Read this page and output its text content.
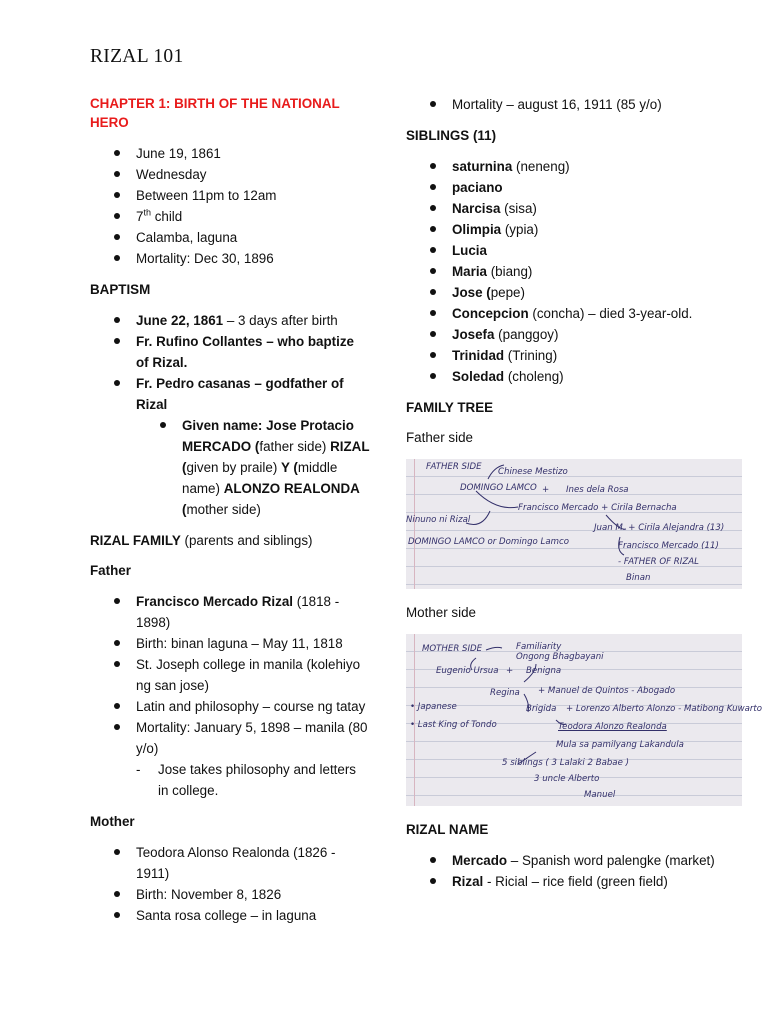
RIZAL 101

CHAPTER 1: BIRTH OF THE NATIONAL HERO

June 19, 1861
Wednesday
Between 11pm to 12am
7th child
Calamba, laguna
Mortality: Dec 30, 1896

BAPTISM

June 22, 1861 – 3 days after birth
Fr. Rufino Collantes – who baptize of Rizal.
Fr. Pedro casanas – godfather of Rizal
Given name: Jose Protacio MERCADO (father side) RIZAL (given by praile) Y (middle name) ALONZO REALONDA (mother side)

RIZAL FAMILY (parents and siblings)

Father

Francisco Mercado Rizal (1818 - 1898)
Birth: binan laguna – May 11, 1818
St. Joseph college in manila (kolehiyo ng san jose)
Latin and philosophy – course ng tatay
Mortality: January 5, 1898 – manila (80 y/o)
- Jose takes philosophy and letters in college.

Mother

Teodora Alonso Realonda (1826 - 1911)
Birth: November 8, 1826
Santa rosa college – in laguna
Mortality – august 16, 1911 (85 y/o)

SIBLINGS (11)

saturnina (neneng)
paciano
Narcisa (sisa)
Olimpia (ypia)
Lucia
Maria (biang)
Jose (pepe)
Concepcion (concha) – died 3-year-old.
Josefa (panggoy)
Trinidad (Trining)
Soledad (choleng)

FAMILY TREE

Father side

FATHER SIDE Chinese Mestizo
DOMINGO LAMCO + Ines dela Rosa
Francisco Mercado + Cirila Bernacha
Ninuno ni Rizal
Juan M. + Cirila Alejandra (13)
DOMINGO LAMCO or Domingo Lamco	Francisco Mercado (11)
- FATHER OF RIZAL
Binan

Mother side

MOTHER SIDE	Familiarity
Ongong Bhagbayani
Eugenio Ursua + Benigna
Regina + Manuel de Quintos - Abogado
• Japanese	Brigida + Lorenzo Alberto Alonzo - Matibong Kuwarto
• Last King of Tondo	Teodora Alonzo Realonda
Mula sa pamilyang Lakandula
5 siblings ( 3 Lalaki 2 Babae )
3 uncle Alberto
Manuel

RIZAL NAME

Mercado – Spanish word palengke (market)
Rizal - Ricial – rice field (green field)
